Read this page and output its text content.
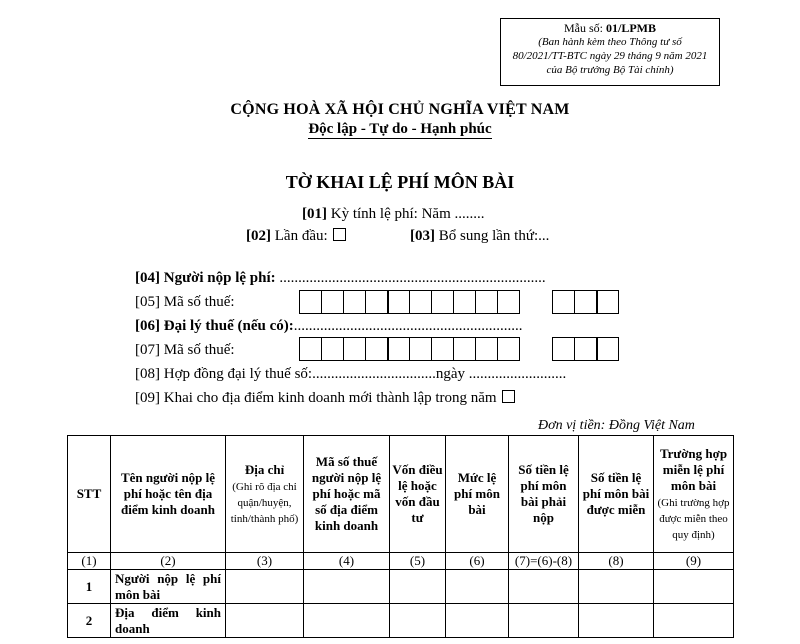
Mẫu số: 01/LPMB
(Ban hành kèm theo Thông tư số
80/2021/TT-BTC ngày 29 tháng 9 năm 2021
của Bộ trưởng Bộ Tài chính)
CỘNG HOÀ XÃ HỘI CHỦ NGHĨA VIỆT NAM
Độc lập - Tự do - Hạnh phúc
TỜ KHAI LỆ PHÍ MÔN BÀI
[01] Kỳ tính lệ phí: Năm ........
[02] Lần đầu:	[03] Bổ sung lần thứ:...
[04] Người nộp lệ phí: .......................................................................
[05] Mã số thuế:
[06] Đại lý thuế (nếu có):.............................................................
[07] Mã số thuế:
[08] Hợp đồng đại lý thuế số:.................................ngày ..........................
[09] Khai cho địa điểm kinh doanh mới thành lập trong năm
Đơn vị tiền: Đồng Việt Nam
STT	Tên người nộp lệ phí hoặc tên địa điểm kinh doanh	Địa chỉ
(Ghi rõ địa chỉ quận/huyện, tỉnh/thành phố)	Mã số thuế người nộp lệ phí hoặc mã số địa điểm kinh doanh	Vốn điều lệ hoặc vốn đầu tư	Mức lệ phí môn bài	Số tiền lệ phí môn bài phải nộp	Số tiền lệ phí môn bài được miễn	Trường hợp miễn lệ phí môn bài
(Ghi trường hợp được miễn theo quy định)
(1)	(2)	(3)	(4)	(5)	(6)	(7)=(6)-(8)	(8)	(9)
1	Người nộp lệ phí môn bài							
2	Địa điểm kinh doanh							
